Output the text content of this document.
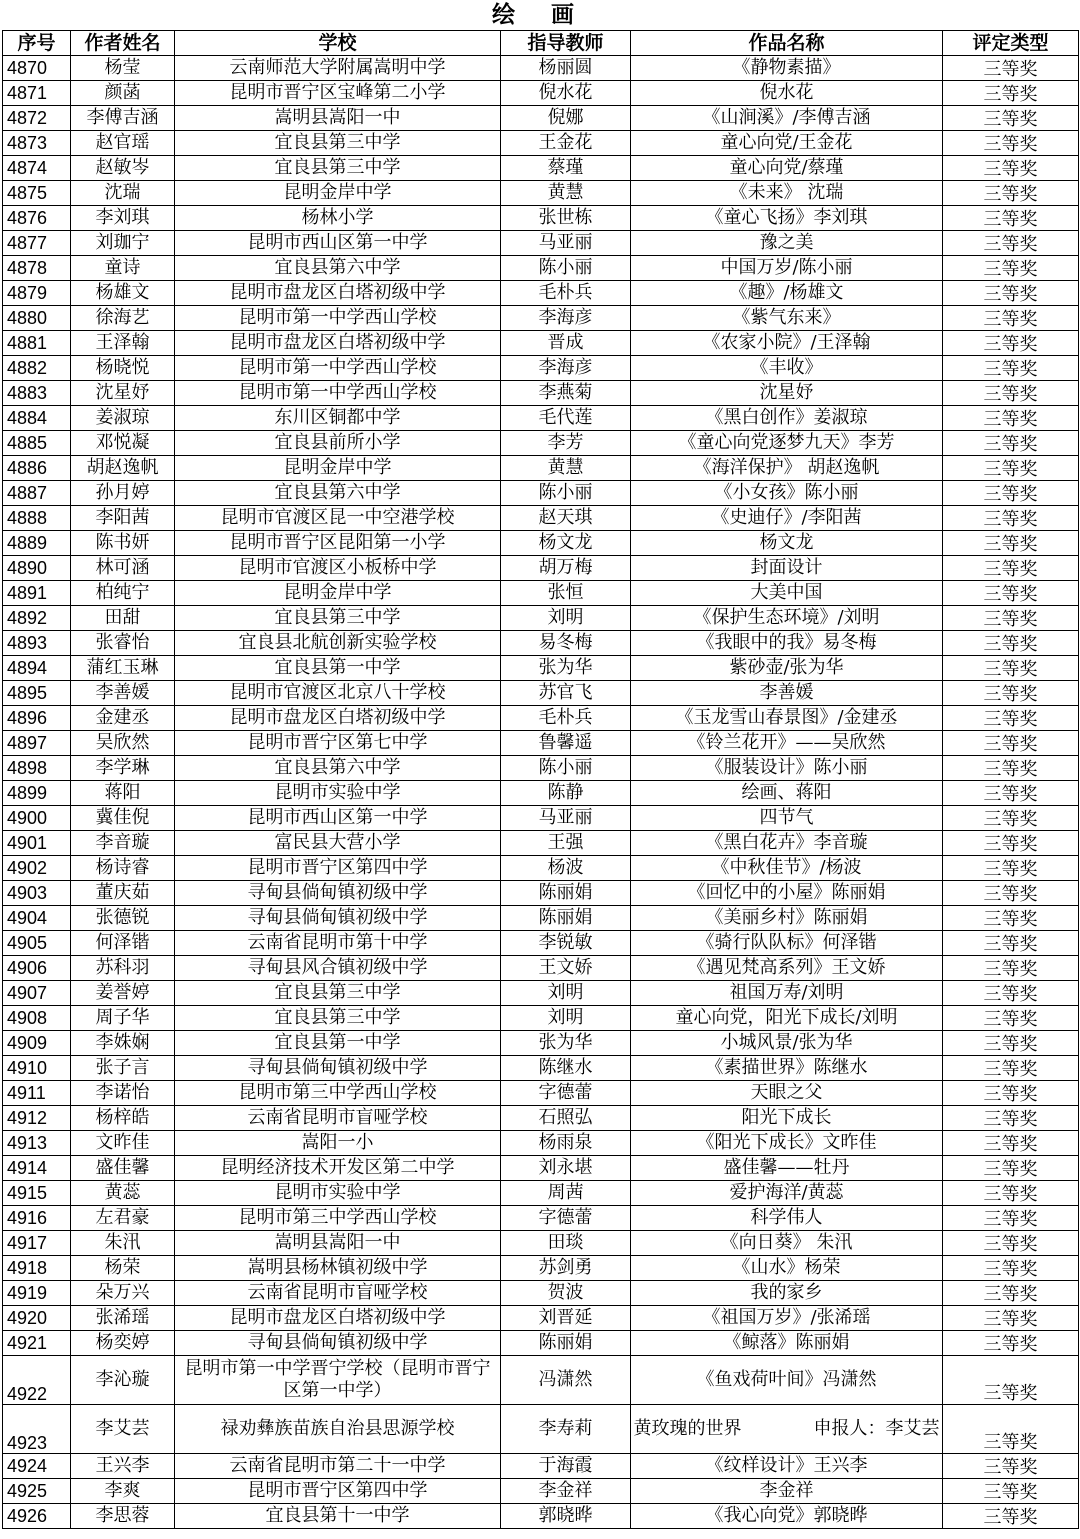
绘 画
序号	作者姓名	学校	指导教师	作品名称	评定类型
4870	杨莹	云南师范大学附属嵩明中学	杨丽圆	《静物素描》	三等奖
4871	颜菡	昆明市晋宁区宝峰第二小学	倪水花	倪水花	三等奖
4872	李傅吉涵	嵩明县嵩阳一中	倪娜	《山涧溪》/李傅吉涵	三等奖
4873	赵官瑶	宜良县第三中学	王金花	童心向党/王金花	三等奖
4874	赵敏岑	宜良县第三中学	蔡瑾	童心向党/蔡瑾	三等奖
4875	沈瑞	昆明金岸中学	黄慧	《未来》 沈瑞	三等奖
4876	李刘琪	杨林小学	张世栋	《童心飞扬》李刘琪	三等奖
4877	刘珈宁	昆明市西山区第一中学	马亚丽	豫之美	三等奖
4878	童诗	宜良县第六中学	陈小丽	中国万岁/陈小丽	三等奖
4879	杨雄文	昆明市盘龙区白塔初级中学	毛朴兵	《趣》/杨雄文	三等奖
4880	徐海艺	昆明市第一中学西山学校	李海彦	《紫气东来》	三等奖
4881	王泽翰	昆明市盘龙区白塔初级中学	晋成	《农家小院》/王泽翰	三等奖
4882	杨晓悦	昆明市第一中学西山学校	李海彦	《丰收》	三等奖
4883	沈星妤	昆明市第一中学西山学校	李燕菊	沈星妤	三等奖
4884	姜淑琼	东川区铜都中学	毛代莲	《黑白创作》姜淑琼	三等奖
4885	邓悦凝	宜良县前所小学	李芳	《童心向党逐梦九天》李芳	三等奖
4886	胡赵逸帆	昆明金岸中学	黄慧	《海洋保护》 胡赵逸帆	三等奖
4887	孙月婷	宜良县第六中学	陈小丽	《小女孩》陈小丽	三等奖
4888	李阳茜	昆明市官渡区昆一中空港学校	赵天琪	《史迪仔》/李阳茜	三等奖
4889	陈书妍	昆明市晋宁区昆阳第一小学	杨文龙	杨文龙	三等奖
4890	林可涵	昆明市官渡区小板桥中学	胡万梅	封面设计	三等奖
4891	柏纯宁	昆明金岸中学	张恒	大美中国	三等奖
4892	田甜	宜良县第三中学	刘明	《保护生态环境》/刘明	三等奖
4893	张睿怡	宜良县北航创新实验学校	易冬梅	《我眼中的我》易冬梅	三等奖
4894	蒲红玉琳	宜良县第一中学	张为华	紫砂壶/张为华	三等奖
4895	李善媛	昆明市官渡区北京八十学校	苏官飞	李善媛	三等奖
4896	金建丞	昆明市盘龙区白塔初级中学	毛朴兵	《玉龙雪山春景图》/金建丞	三等奖
4897	吴欣然	昆明市晋宁区第七中学	鲁馨遥	《铃兰花开》——吴欣然	三等奖
4898	李学琳	宜良县第六中学	陈小丽	《服装设计》陈小丽	三等奖
4899	蒋阳	昆明市实验中学	陈静	绘画、蒋阳	三等奖
4900	冀佳倪	昆明市西山区第一中学	马亚丽	四节气	三等奖
4901	李音璇	富民县大营小学	王强	《黑白花卉》李音璇	三等奖
4902	杨诗睿	昆明市晋宁区第四中学	杨波	《中秋佳节》/杨波	三等奖
4903	董庆茹	寻甸县倘甸镇初级中学	陈丽娟	《回忆中的小屋》陈丽娟	三等奖
4904	张德锐	寻甸县倘甸镇初级中学	陈丽娟	《美丽乡村》陈丽娟	三等奖
4905	何泽锴	云南省昆明市第十中学	李锐敏	《骑行队队标》何泽锴	三等奖
4906	苏科羽	寻甸县风合镇初级中学	王文娇	《遇见梵高系列》王文娇	三等奖
4907	姜誉婷	宜良县第三中学	刘明	祖国万寿/刘明	三等奖
4908	周子华	宜良县第三中学	刘明	童心向党，阳光下成长/刘明	三等奖
4909	李姝娴	宜良县第一中学	张为华	小城风景/张为华	三等奖
4910	张子言	寻甸县倘甸镇初级中学	陈继水	《素描世界》陈继水	三等奖
4911	李诺怡	昆明市第三中学西山学校	字德蕾	天眼之父	三等奖
4912	杨梓皓	云南省昆明市盲哑学校	石照弘	阳光下成长	三等奖
4913	文昨佳	嵩阳一小	杨雨泉	《阳光下成长》文昨佳	三等奖
4914	盛佳馨	昆明经济技术开发区第二中学	刘永堪	盛佳馨——牡丹	三等奖
4915	黄蕊	昆明市实验中学	周茜	爱护海洋/黄蕊	三等奖
4916	左君豪	昆明市第三中学西山学校	字德蕾	科学伟人	三等奖
4917	朱汛	嵩明县嵩阳一中	田琰	《向日葵》 朱汛	三等奖
4918	杨荣	嵩明县杨林镇初级中学	苏剑勇	《山水》杨荣	三等奖
4919	朵万兴	云南省昆明市盲哑学校	贺波	我的家乡	三等奖
4920	张浠瑶	昆明市盘龙区白塔初级中学	刘晋延	《祖国万岁》/张浠瑶	三等奖
4921	杨奕婷	寻甸县倘甸镇初级中学	陈丽娟	《鲸落》陈丽娟	三等奖
4922	李沁璇	昆明市第一中学晋宁学校（昆明市晋宁区第一中学）	冯潇然	《鱼戏荷叶间》冯潇然	三等奖
4923	李艾芸	禄劝彝族苗族自治县思源学校	李寿莉	黄玫瑰的世界　　　　申报人：李艾芸	三等奖
4924	王兴李	云南省昆明市第二十一中学	于海霞	《纹样设计》王兴李	三等奖
4925	李爽	昆明市晋宁区第四中学	李金祥	李金祥	三等奖
4926	李思蓉	宜良县第十一中学	郭晓晔	《我心向党》郭晓晔	三等奖
